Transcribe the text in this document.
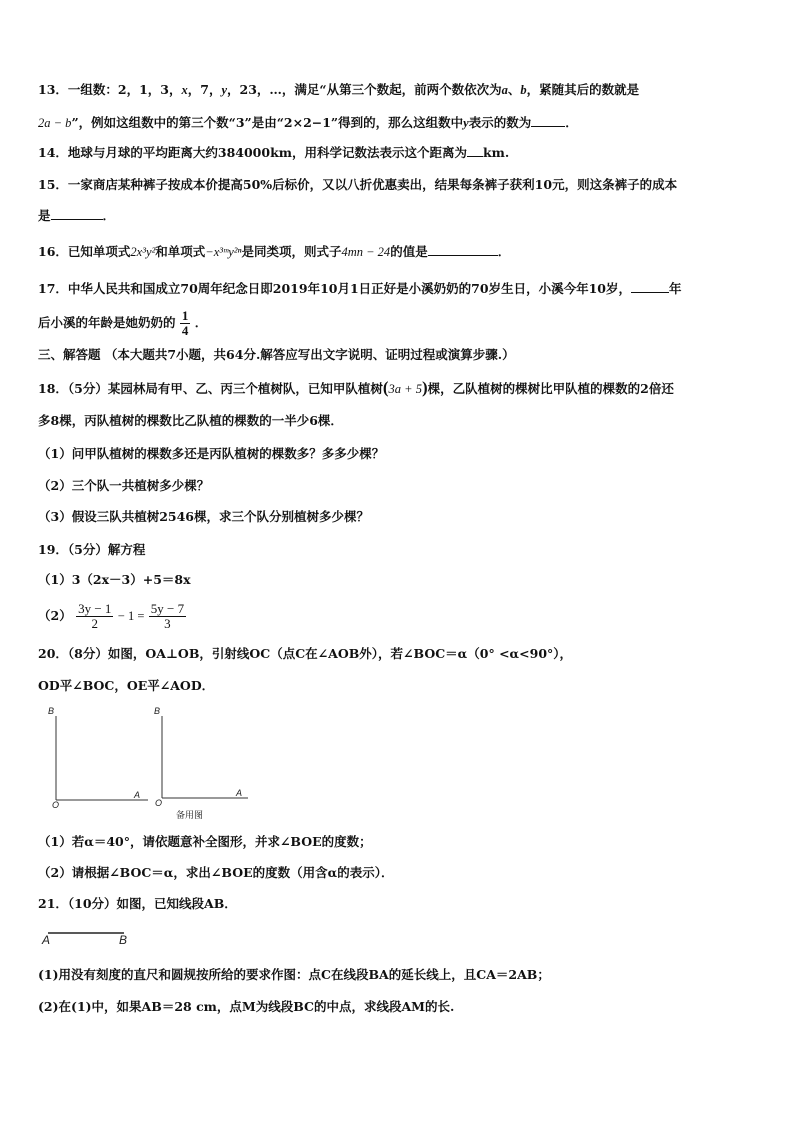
13．一组数：2，1，3，x，7，y，23，…，满足“从第三个数起，前两个数依次为a、b，紧随其后的数就是
2a − b”，例如这组数中的第三个数“3”是由“2×2−1”得到的，那么这组数中y表示的数为	．
14．地球与月球的平均距离大约384000km，用科学记数法表示这个距离为 km.
15．一家商店某种裤子按成本价提高50%后标价，又以八折优惠卖出，结果每条裤子获利10元，则这条裤子的成本
是	．
16．已知单项式2x³y²和单项式−x³ᵐy²ⁿ是同类项，则式子4mn − 24的值是	．
17．中华人民共和国成立70周年纪念日即2019年10月1日正好是小溪奶奶的70岁生日，小溪今年10岁，	年
后小溪的年龄是她奶奶的 $\frac{1}{4}$ ．
三、解答题 （本大题共7小题，共64分.解答应写出文字说明、证明过程或演算步骤.）
18．（5分）某园林局有甲、乙、丙三个植树队，已知甲队植树(3a + 5)棵，乙队植树的棵树比甲队植的棵数的2倍还
多8棵，丙队植树的棵数比乙队植的棵数的一半少6棵．
（1）问甲队植树的棵数多还是丙队植树的棵数多？多多少棵？
（2）三个队一共植树多少棵？
（3）假设三队共植树2546棵，求三个队分别植树多少棵？
19．（5分）解方程
（1）3（2x－3）+5＝8x
$(2) \frac{3y - 1}{2} - 1 = \frac{5y - 7}{3}$
20．（8分）如图，OA⊥OB，引射线OC（点C在∠AOB外），若∠BOC＝α（0° <α<90°），
OD平∠BOC，OE平∠AOD．
B
O
A
B
O
A
备用图
（1）若α＝40°，请依题意补全图形，并求∠BOE的度数；
（2）请根据∠BOC＝α，求出∠BOE的度数（用含α的表示）．
21．（10分）如图，已知线段AB．
A	B
(1)用没有刻度的直尺和圆规按所给的要求作图：点C在线段BA的延长线上，且CA＝2AB；
(2)在(1)中，如果AB＝28 cm，点M为线段BC的中点，求线段AM的长.
